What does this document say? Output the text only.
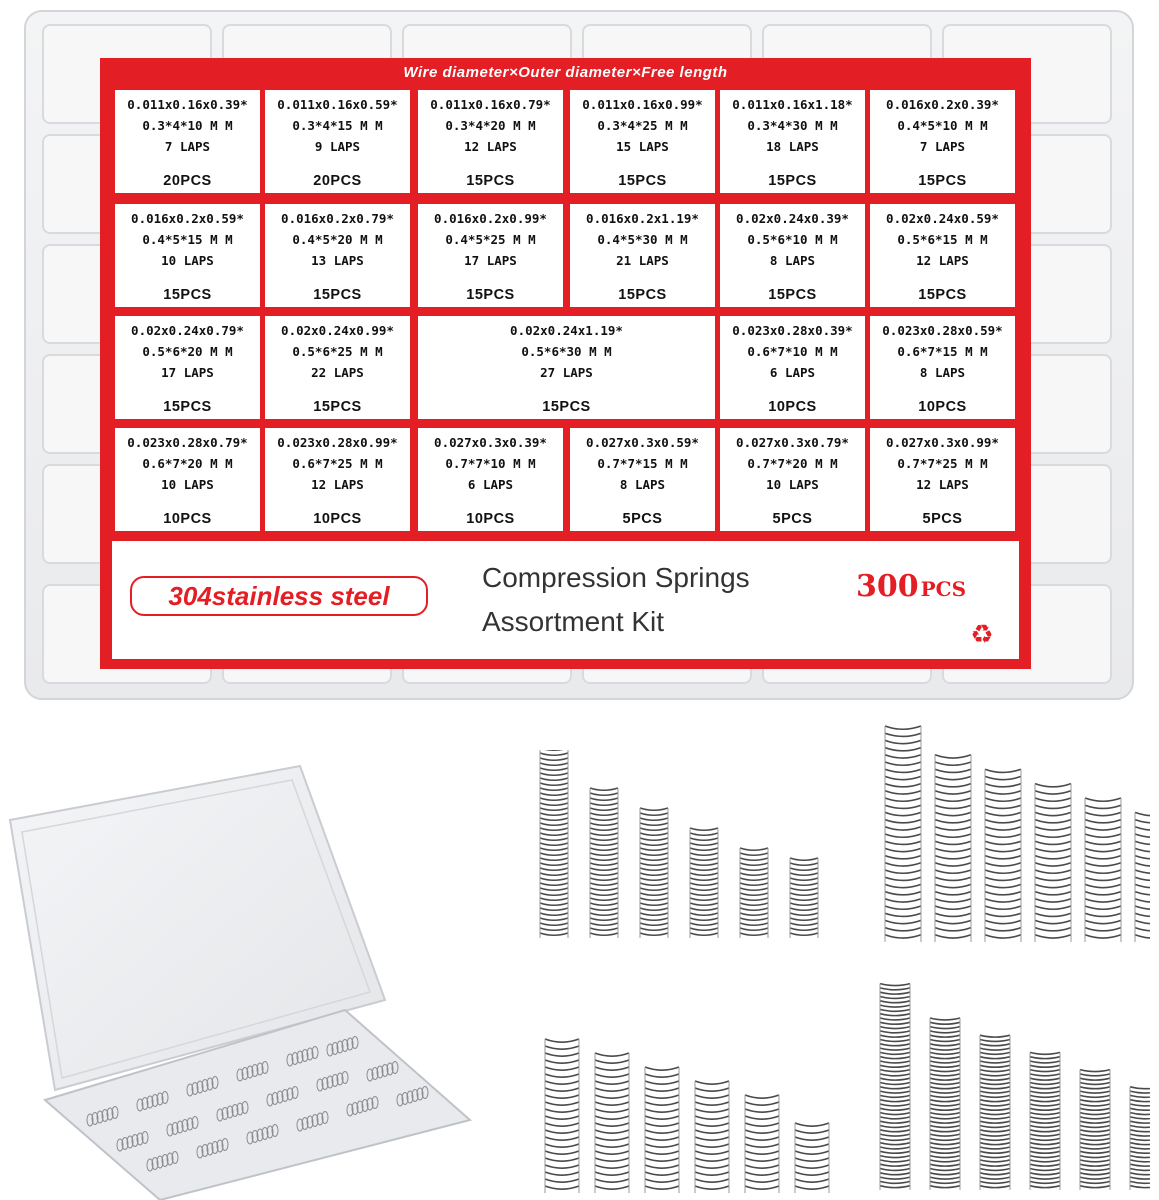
Wire diameter×Outer diameter×Free length
0.011x0.16x0.39*
0.3*4*10 M M
7 LAPS
20PCS
0.011x0.16x0.59*
0.3*4*15 M M
9 LAPS
20PCS
0.011x0.16x0.79*
0.3*4*20 M M
12 LAPS
15PCS
0.011x0.16x0.99*
0.3*4*25 M M
15 LAPS
15PCS
0.011x0.16x1.18*
0.3*4*30 M M
18 LAPS
15PCS
0.016x0.2x0.39*
0.4*5*10 M M
7 LAPS
15PCS
0.016x0.2x0.59*
0.4*5*15 M M
10 LAPS
15PCS
0.016x0.2x0.79*
0.4*5*20 M M
13 LAPS
15PCS
0.016x0.2x0.99*
0.4*5*25 M M
17 LAPS
15PCS
0.016x0.2x1.19*
0.4*5*30 M M
21 LAPS
15PCS
0.02x0.24x0.39*
0.5*6*10 M M
8 LAPS
15PCS
0.02x0.24x0.59*
0.5*6*15 M M
12 LAPS
15PCS
0.02x0.24x0.79*
0.5*6*20 M M
17 LAPS
15PCS
0.02x0.24x0.99*
0.5*6*25 M M
22 LAPS
15PCS
0.02x0.24x1.19*
0.5*6*30 M M
27 LAPS
15PCS
0.023x0.28x0.39*
0.6*7*10 M M
6 LAPS
10PCS
0.023x0.28x0.59*
0.6*7*15 M M
8 LAPS
10PCS
0.023x0.28x0.79*
0.6*7*20 M M
10 LAPS
10PCS
0.023x0.28x0.99*
0.6*7*25 M M
12 LAPS
10PCS
0.027x0.3x0.39*
0.7*7*10 M M
6 LAPS
10PCS
0.027x0.3x0.59*
0.7*7*15 M M
8 LAPS
5PCS
0.027x0.3x0.79*
0.7*7*20 M M
10 LAPS
5PCS
0.027x0.3x0.99*
0.7*7*25 M M
12 LAPS
5PCS
304stainless steel
Compression Springs
Assortment Kit
300 PCS
♻
